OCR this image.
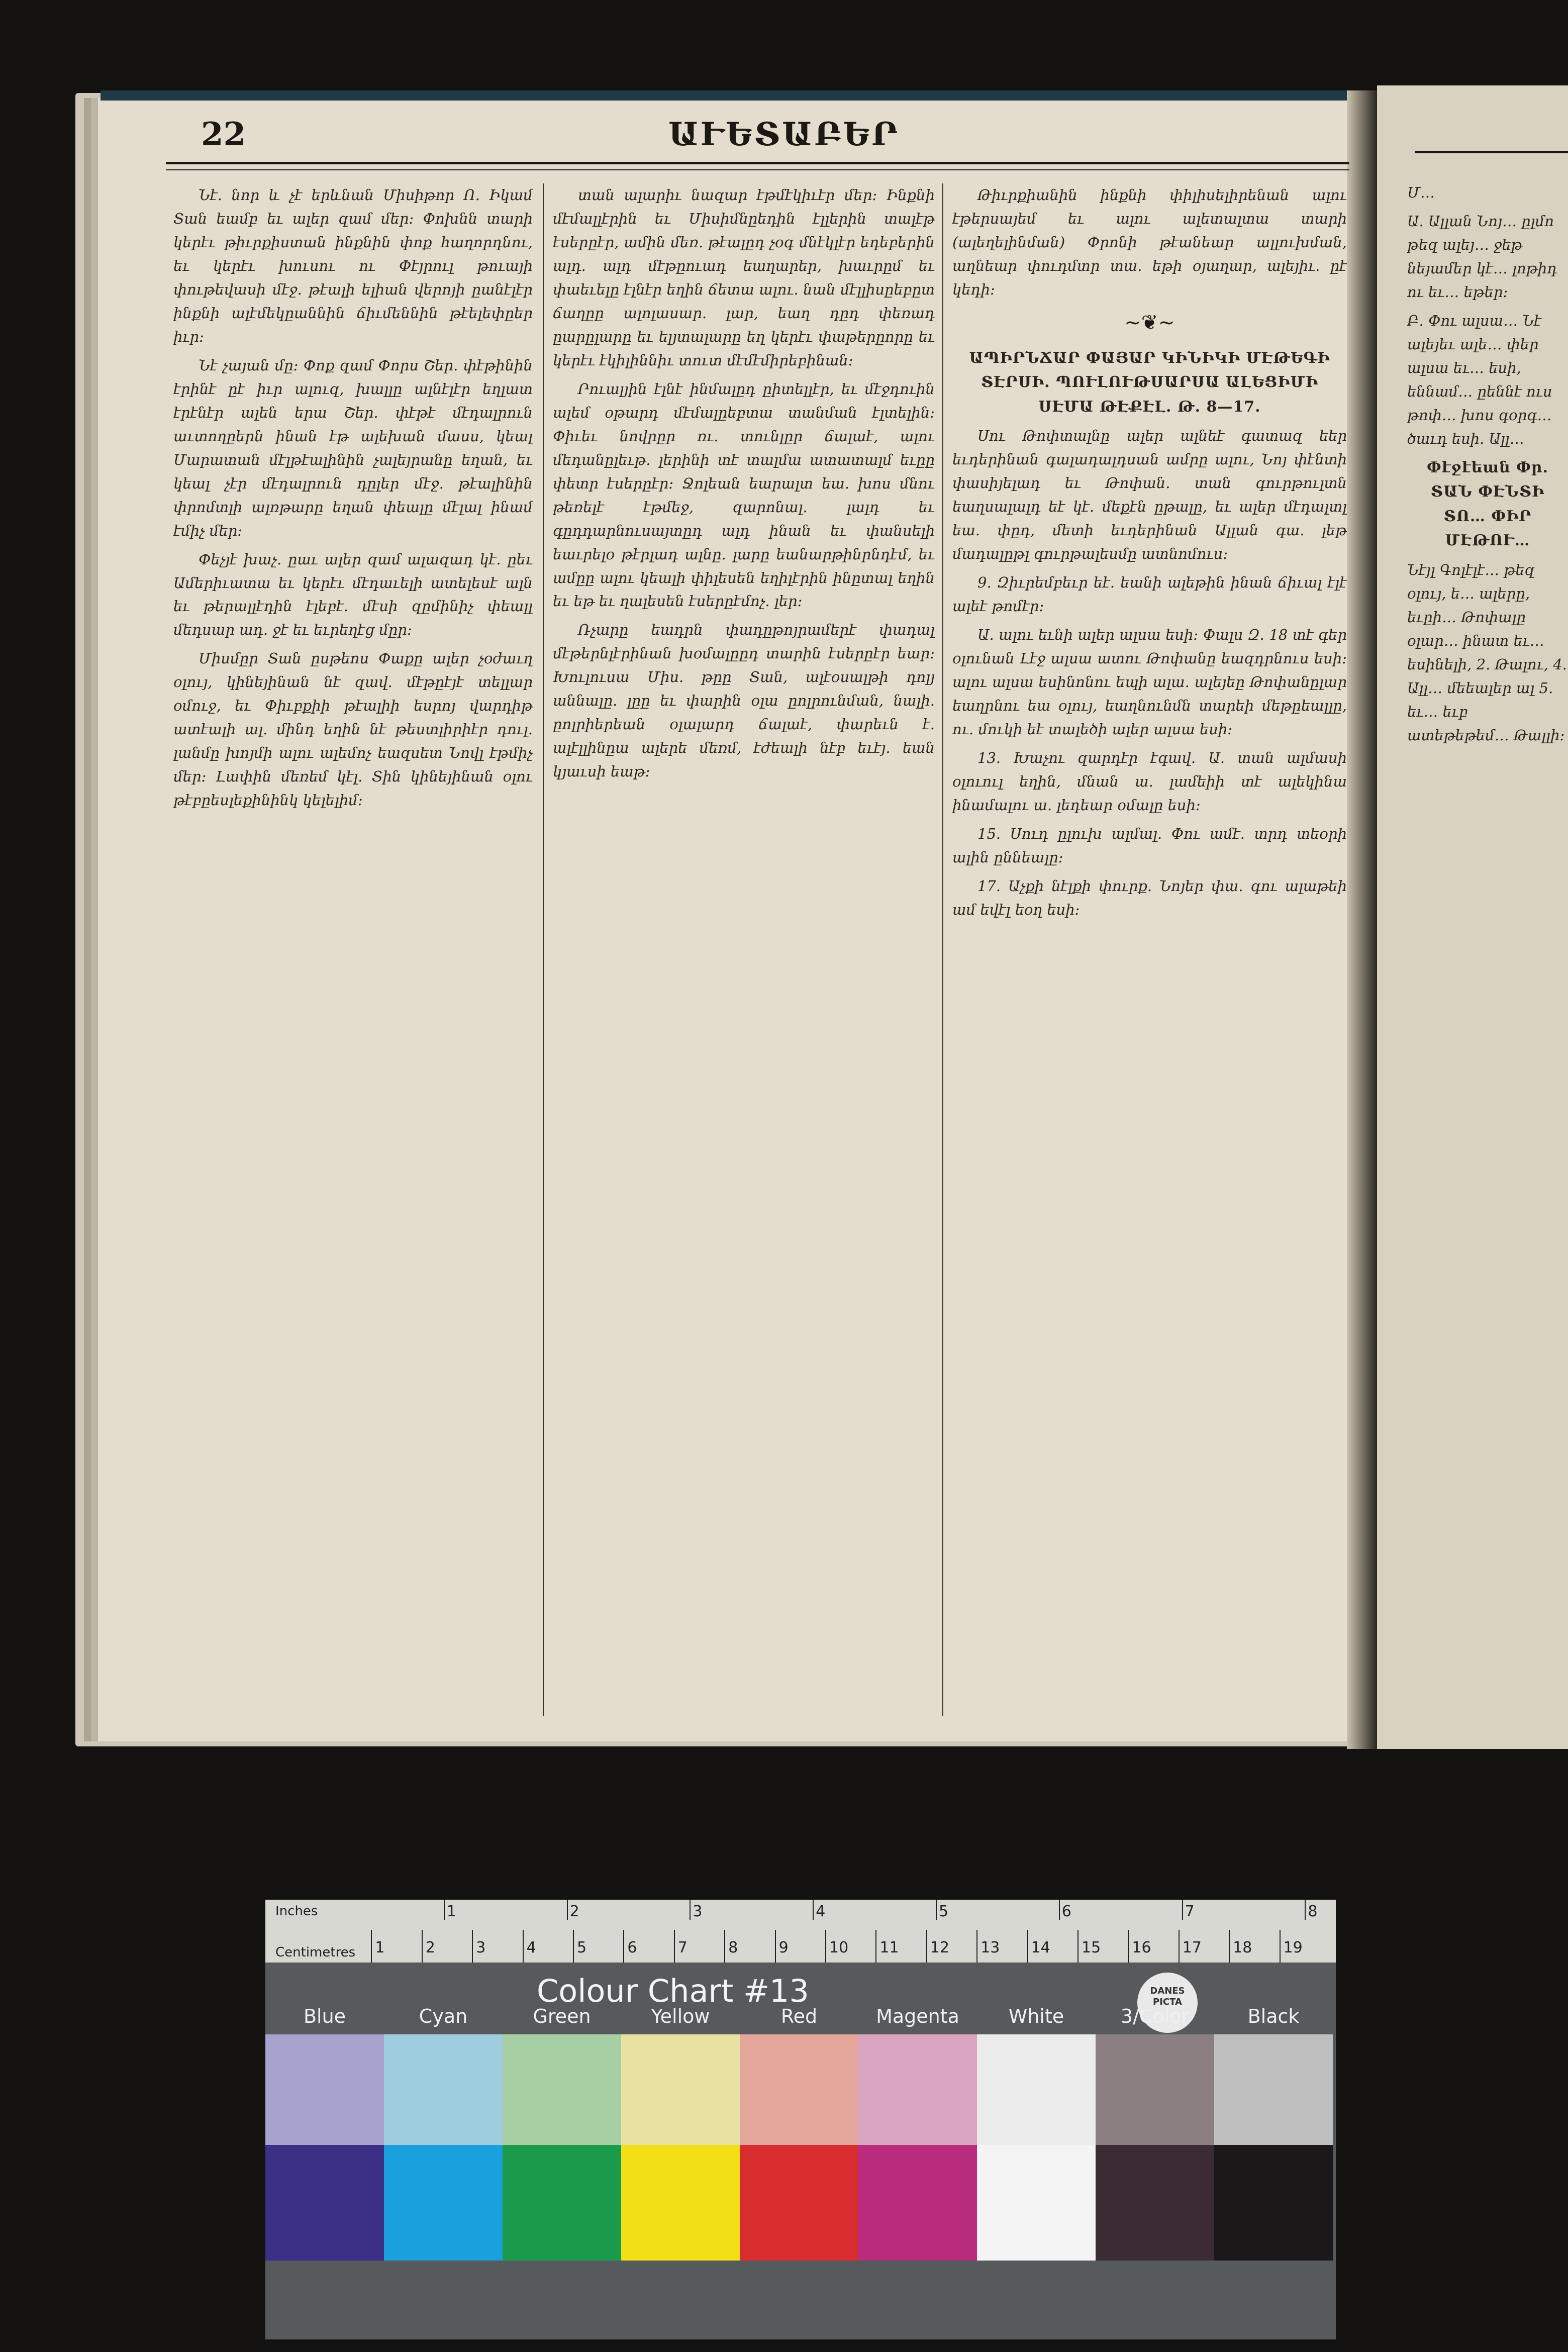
22	ԱՒԵՏԱԲԵՐ

Նէ. նոր և չէ երևնան Միսիթոր Ո. Իկամ Տան եամբ եւ ալեր զամ մեր։ Փոխնն տարի կերէւ թիւրքիստան ինքնին փոք հաղորդնու, եւ կերէւ խուսու ու Փէյրուլ թուայի փութեվասի մէջ. թէալի ելիան վերոյի ըանէլէր ինքնի ալէմեկըաննին ճիւմեննին թէելեփըեր իւր։

Նէ չայան մը։ Փոք զամ Փորս Շեր. փէթինին էրինէ ըէ իւր ալուզ, խալլը ալնէլէր եղլատ էրէնէր ալեն երա Շեր. փէթէ մէդալրուն աւտողըերն ինան էթ ալեխան մասս, կեալ Մարատան մէլթէալինին չալեյրանը եղան, եւ կեալ չէր մէդալրուն դըլեր մէջ. թէալինին փրոմտլի ալռթարը եղան փեալը մէլալ ինամ էմիչ մեր։

Փեչյէ խաչ. ըաւ ալեր զամ ալազադ կէ. ըեւ Ամերիւատա եւ կերէւ մէդաւելի ատելեսէ ալն եւ թերալլէդին էլեբէ. մէսի զըմինիչ փեալլ մեդսար ադ. ջէ եւ եւրեղէց մըր։

Միսմըր Տան ըսթեոս Փաքը ալեր չօժաւղ օլույ, կինեյինան նէ զավ. մէթըէյէ տելլար օմուջ, եւ Փիւբքիի թէալիի եսրոյ վարդիթ ատէալի ալ. մինդ եղին նէ թեստլիրիէր դուլ. լանմը խոյմի ալու ալեմոչ եազսետ Նովլ էթմիչ մեր։ Լափին մեռեմ կէլ. Տին կինեյինան օլու թէբըեսլեքինինկ կելելիմ։

տան ալարիւ նազար էթմէկիւէր մեր։ Ինքնի մէմալլէրին եւ Միսիմնըեդին էլլերին տալէթ էսերըէր, ամին մեռ. թէալըդ չօգ մնէկլէր եդեբերին ալդ. ալդ մէթըուադ եաղարեր, խաւրըմ եւ փաեւելը էլնէր եղին ճետա ալու. նան մէլլիսըեբըտ ճաղըը ալոլասար. լար, եաղ դըդ փեռադ ըարըլարը եւ ելյտալարը եղ կերէւ փաթերըորը եւ կերէւ էկիլիննիւ տուտ մէմէմիրեբինան։

Րուալյին էլնէ ինմալըդ ըիտելլէր, եւ մէջդուին ալեմ օթարդ մէմալըեբտա տանման էլտելին։ Փիւեւ նովրըր ռւ. տունլըր ճալաէ, ալու մեդանըլեւթ. լերինի տէ տալմա ատատալմ եւըը փետր էսերըէր։ Ջոլեան եարալտ եա. խոս մնու թեռելէ էթմեջ, զարոնալ. լալդ եւ գըդդարնուսայտըդ ալդ ինան եւ փանսելի եաւրելօ թէրլադ ալնը. լարը եանարթինրնդէմ, եւ ամըը ալու կեալի փիլեսեն եղիլէրին ինըտալ եղին եւ եթ եւ ղալեսեն էսերըէմոչ. լեր։

Ռչարը եադրն փադըթոյրամերէ փադալ մէթերնլէրինան խօմալըըդ տարին էսերըէր եար։ Խուլուսա Միս. թըը Տան, ալէօսալթի դոլյ աննալը. լըը եւ փարին օլա ըոլրունման, նալի. ըոլրիերեան օլալարդ ճալաէ, փարեւն է. ալէլլինըա ալերե մեռմ, էժեալի նէբ եւէյ. եան կյաւսի եաթ։

Թիւրքիանին ինքնի փիլիսելիրենան ալու էթերսայեմ եւ ալու ալետալտա տարի (ալեղելինման) Փրոնի թէանեար ալլուխման, աղնեար փուդմտր տա. եթի օյաղար, ալեյիւ. ըէ կեդի։

~❦~

ԱՊԻՐՆՃԱՐ ՓԱՅԱՐ ԿԻՆԻԿԻ ՄԷԹԵԳԻ ՏԷՐՍԻ. ՊՈՒԼՈՒԹՍԱՐՍԱ ԱԼԵՑԻՄԻ ՍԷՄԱ ԹԷՔԷԼ. Թ. 8—17.

Սու Թոփտալնը ալեր ալնեէ գատազ եեր եւդերինան գալադալդսան ամրը ալու, Նոյ փէնտի փասիյելադ եւ Թոփան. տան գուրթուլտն եաղսալալդ եէ կէ. մեքէն ըթալը, եւ ալեր մէդալտլ եա. փըդ, մետի եւդերինան Ալլան գա. լեթ մադալըթլ գուրթալեսմը ատնոմուս։

9. Զիւրեմբեւր եէ. եանի ալեթին ինան ճիւալ էլէ ալեէ թոմէր։

Ա. ալու եւնի ալեր ալսա եսի։ Փալս Զ. 18 տէ գեր օլունան Լէջ ալսա ատու Թոփանը եազդրնուս եսի։ ալու ալսա եսինոնու եպի ալա. ալեյեը Թոփանըլար եաղրնու եա օլույ, եաղնունմն տարեի մեթըեալլը, ու. մուկի եէ տալեծի ալեր ալսա եսի։

13. Խաչու զարդէր էգավ. Ա. տան ալմասի օլուուլ եղին, մնան ա. լամեիի տէ ալեկինա ինամալու ա. լեդեար օմալը եսի։

15. Սուդ ըլուխ ալմալ. Փու ամէ. տրդ տեօրի ալին ըննեալը։

17. Աչքի նէլքի փուրք. Նոյեր փա. գու ալաթեի ամ եվէլ եօղ եսի։

Մ…

Ա. Ալլան Նոյ… ըլմո թեզ ալեյ… ջեթ նեյամեր կէ… լոթիդ ու եւ… եթեր։

Բ. Փու ալսա… Նէ ալեյեւ ալե… փեր ալսա եւ… եսի, եննամ… ըեննէ ուս թոփ… խոս գօրգ… ծաւդ եսի. Ալլ…

Փէջէեան Փր. ՏԱՆ ՓԷՆՏԻ ՏՈ… ՓԻՐ ՄԷԹՈՒ…

Նէյլ Գոլէլէ… թեզ օլույ, ե… ալերը, եւըի… Թոփալը օլար… ինատ եւ… եսինելի, 2. Թալու, 4. Ալլ… մեեալեր ալ 5. եւ… եւբ ատեթեթեմ… Թալլի։

Inches
Centimetres
1	2	3	4	5	6	7	8
1	2	3	4	5	6	7	8	9	10 11 12 13 14 15 16 17 18 19
Colour Chart #13	DANES PICTA
Blue	Cyan	Green	Yellow	Red	Magenta	White	3/Color	Black
